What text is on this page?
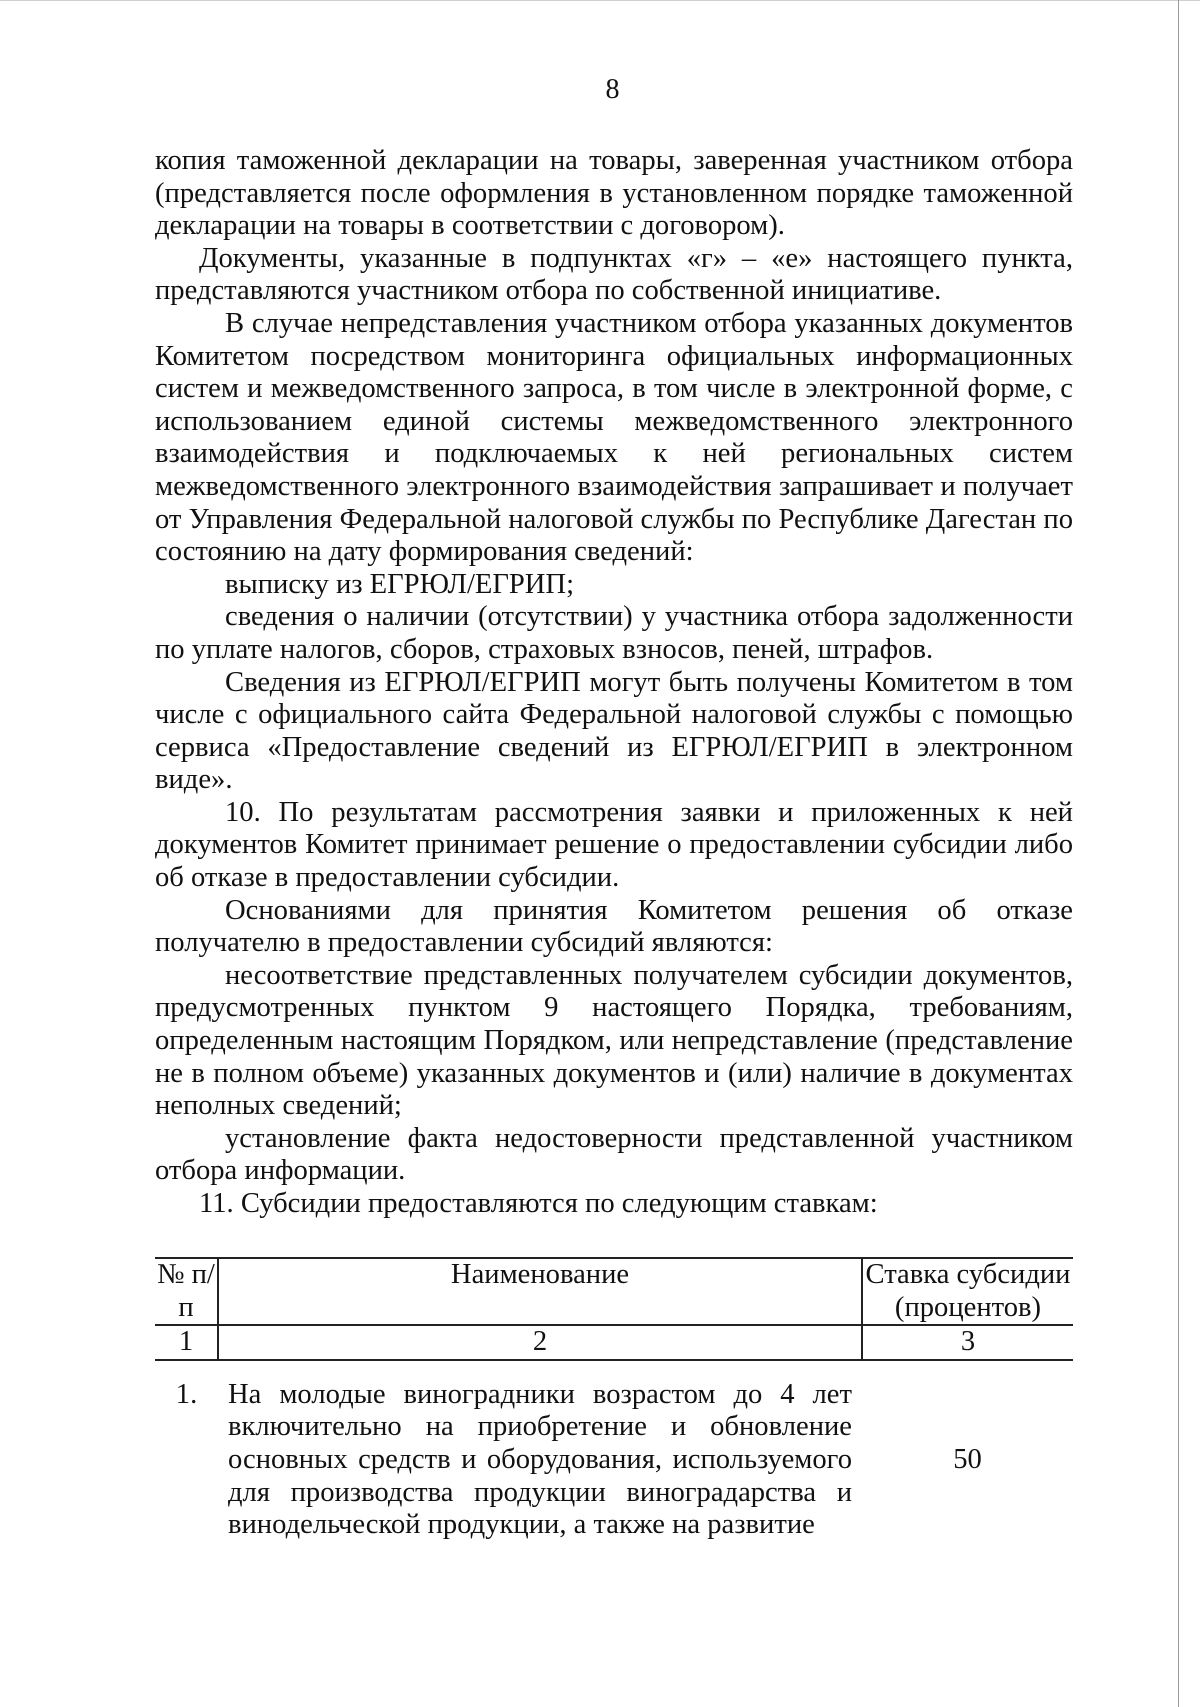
8

копия таможенной декларации на товары, заверенная участником отбора (представляется после оформления в установленном порядке таможенной декларации на товары в соответствии с договором).

Документы, указанные в подпунктах «г» – «е» настоящего пункта, представляются участником отбора по собственной инициативе.

В случае непредставления участником отбора указанных документов Комитетом посредством мониторинга официальных информационных систем и межведомственного запроса, в том числе в электронной форме, с использованием единой системы межведомственного электронного взаимодействия и подключаемых к ней региональных систем межведомственного электронного взаимодействия запрашивает и получает от Управления Федеральной налоговой службы по Республике Дагестан по состоянию на дату формирования сведений:

выписку из ЕГРЮЛ/ЕГРИП;

сведения о наличии (отсутствии) у участника отбора задолженности по уплате налогов, сборов, страховых взносов, пеней, штрафов.

Сведения из ЕГРЮЛ/ЕГРИП могут быть получены Комитетом в том числе с официального сайта Федеральной налоговой службы с помощью сервиса «Предоставление сведений из ЕГРЮЛ/ЕГРИП в электронном виде».

10. По результатам рассмотрения заявки и приложенных к ней документов Комитет принимает решение о предоставлении субсидии либо об отказе в предоставлении субсидии.

Основаниями для принятия Комитетом решения об отказе получателю в предоставлении субсидий являются:

несоответствие представленных получателем субсидии документов, предусмотренных пунктом 9 настоящего Порядка, требованиям, определенным настоящим Порядком, или непредставление (представление не в полном объеме) указанных документов и (или) наличие в документах неполных сведений;

установление факта недостоверности представленной участником отбора информации.

11. Субсидии предоставляются по следующим ставкам:

№ п/п	Наименование	Ставка субсидии (процентов)
1	2	3
1.	На молодые виноградники возрастом до 4 лет включительно на приобретение и обновление основных средств и оборудования, используемого для производства продукции виноградарства и винодельческой продукции, а также на развитие	50
